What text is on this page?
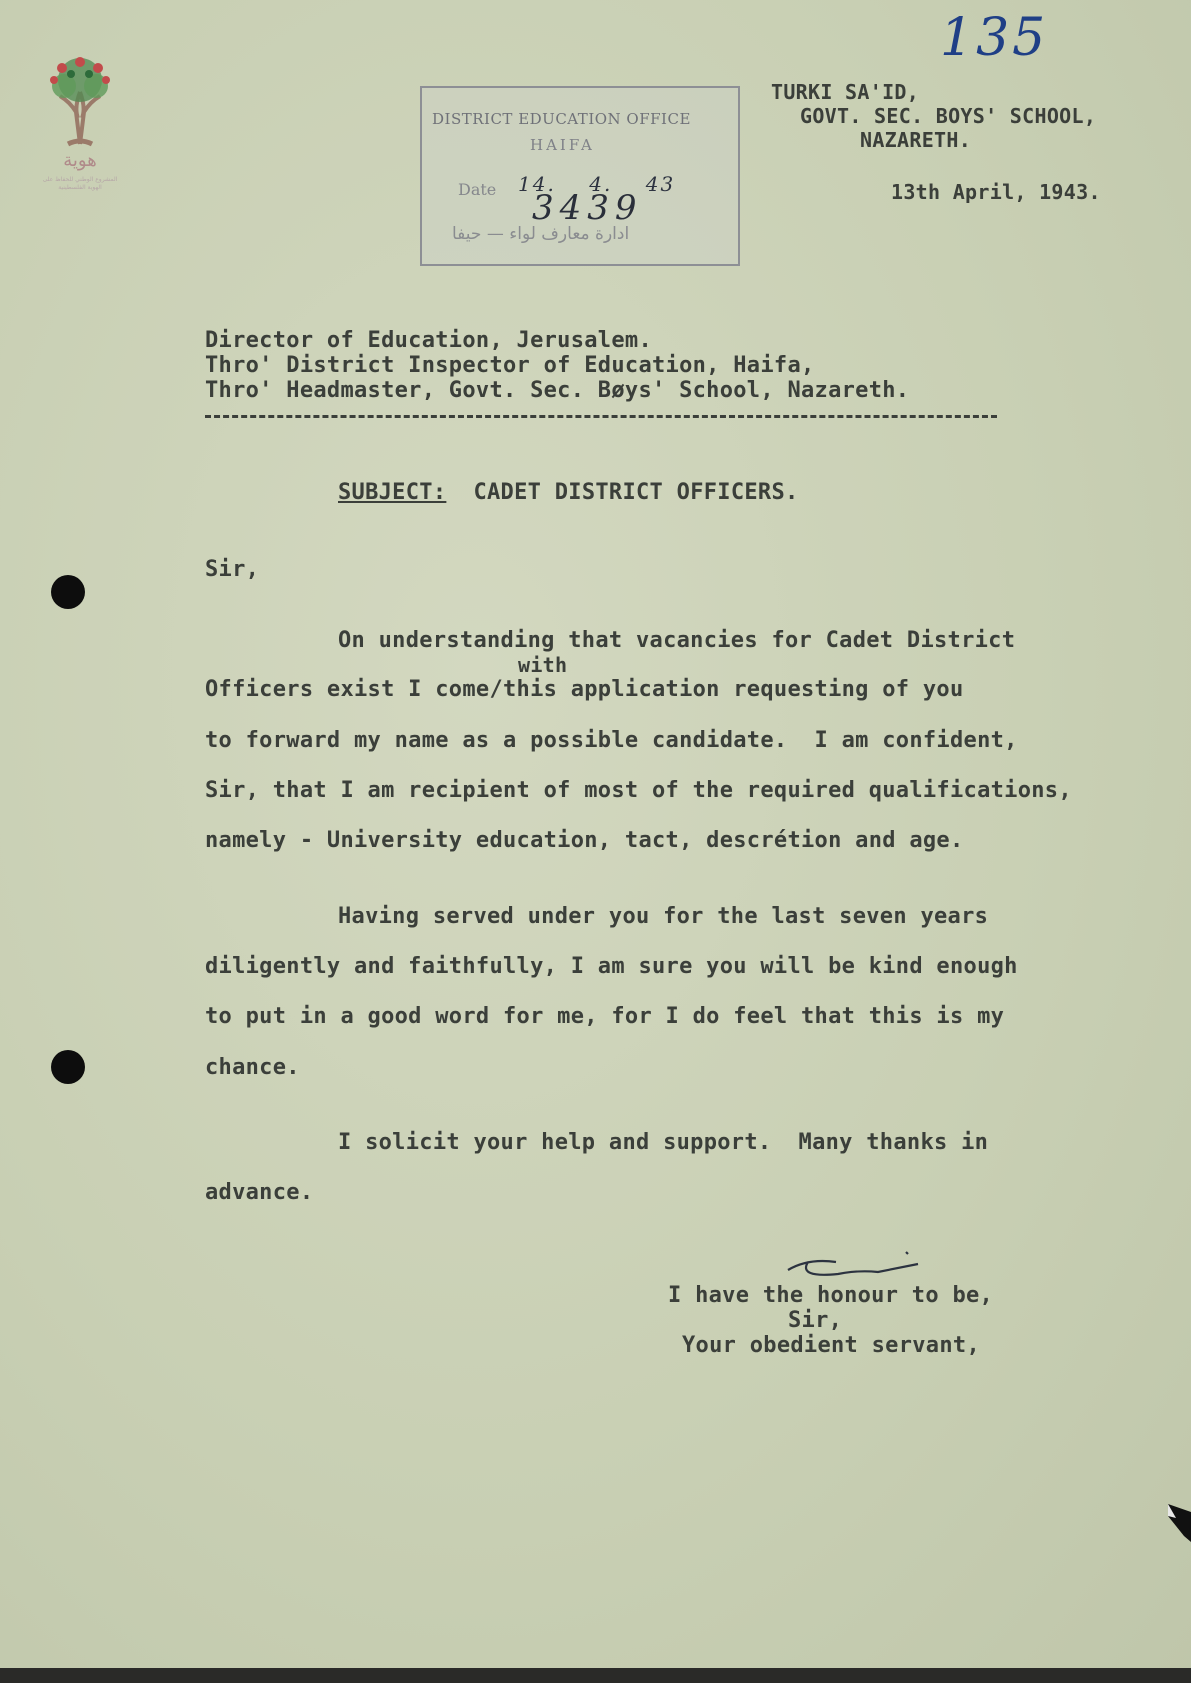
هوية
المشروع الوطني للحفاظ على
الهوية الفلسطينية
135
DISTRICT EDUCATION OFFICE
HAIFA
Date 14.    4.    43
3439
ادارة معارف لواء — حيفا
TURKI SA'ID,
GOVT. SEC. BOYS' SCHOOL,
NAZARETH.
13th April, 1943.
Director of Education, Jerusalem.
Thro' District Inspector of Education, Haifa,
Thro' Headmaster, Govt. Sec. Bøys' School, Nazareth.
SUBJECT: CADET DISTRICT OFFICERS.
Sir,
On understanding that vacancies for Cadet District
with
Officers exist I come/this application requesting of you
to forward my name as a possible candidate.  I am confident,
Sir, that I am recipient of most of the required qualifications,
namely - University education, tact, descrétion and age.
Having served under you for the last seven years
diligently and faithfully, I am sure you will be kind enough
to put in a good word for me, for I do feel that this is my
chance.
I solicit your help and support.  Many thanks in
advance.
I have the honour to be,
Sir,
Your obedient servant,
